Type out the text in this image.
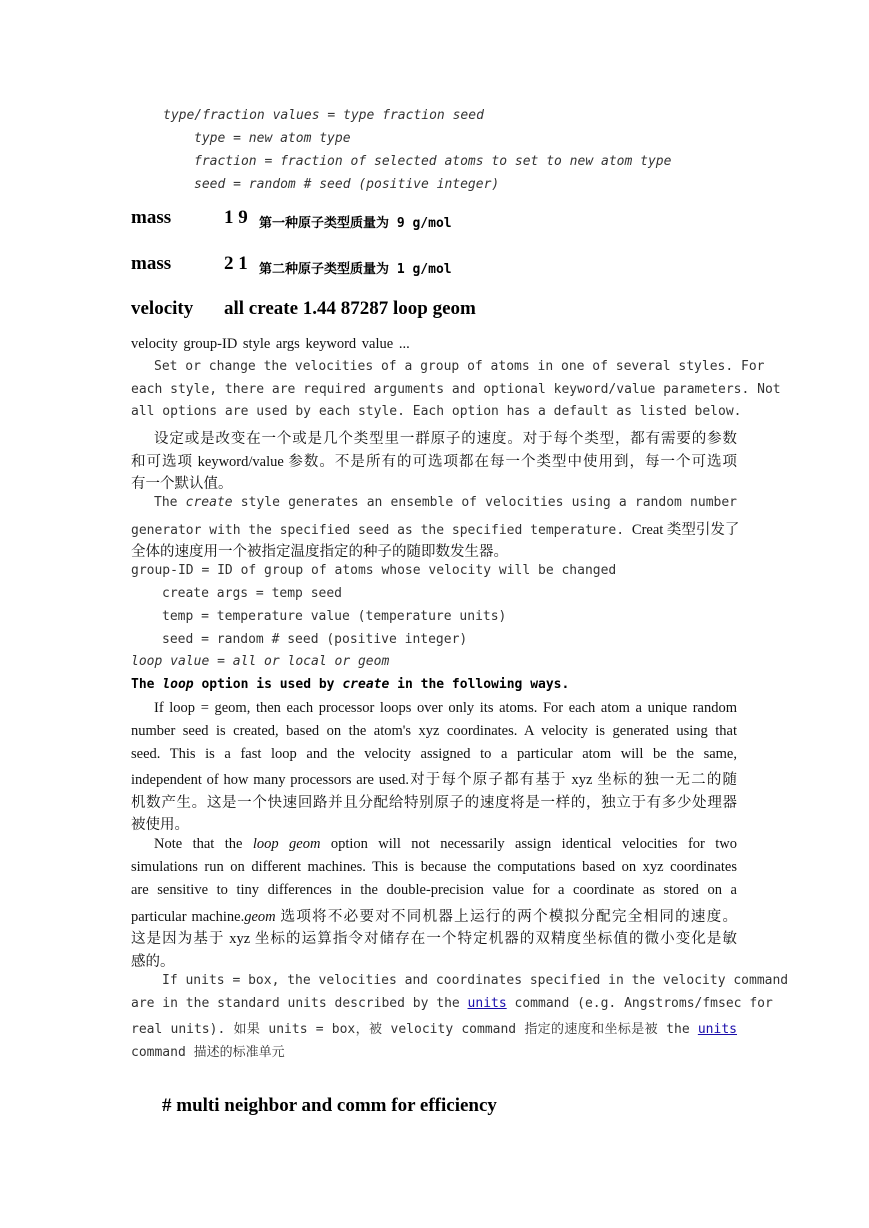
type/fraction values = type fraction seed
type = new atom type
fraction = fraction of selected atoms to set to new atom type
seed = random # seed (positive integer)
mass	1 9 第一种原子类型质量为 9 g/mol
mass	2 1 第二种原子类型质量为 1 g/mol
velocity all create 1.44 87287 loop geom
velocity group-ID style args keyword value ...
Set or change the velocities of a group of atoms in one of several styles. For
each style, there are required arguments and optional keyword/value parameters. Not
all options are used by each style. Each option has a default as listed below.
设定或是改变在一个或是几个类型里一群原子的速度。对于每个类型，都有需要的参数
和可选项 keyword/value 参数。不是所有的可选项都在每一个类型中使用到，每一个可选项
有一个默认值。
The create style generates an ensemble of velocities using a random number
generator with the specified seed as the specified temperature. Creat 类型引发了
全体的速度用一个被指定温度指定的种子的随即数发生器。
group-ID = ID of group of atoms whose velocity will be changed
create args = temp seed
temp = temperature value (temperature units)
seed = random # seed (positive integer)
loop value = all or local or geom
The loop option is used by create in the following ways.
If loop = geom, then each processor loops over only its atoms. For each atom a unique random
number seed is created, based on the atom's xyz coordinates. A velocity is generated using that
seed. This is a fast loop and the velocity assigned to a particular atom will be the same,
independent of how many processors are used.对于每个原子都有基于 xyz 坐标的独一无二的随
机数产生。这是一个快速回路并且分配给特别原子的速度将是一样的，独立于有多少处理器
被使用。
Note that the loop geom option will not necessarily assign identical velocities for two
simulations run on different machines. This is because the computations based on xyz coordinates
are sensitive to tiny differences in the double-precision value for a coordinate as stored on a
particular machine.geom 选项将不必要对不同机器上运行的两个模拟分配完全相同的速度。
这是因为基于 xyz 坐标的运算指令对储存在一个特定机器的双精度坐标值的微小变化是敏
感的。
If units = box, the velocities and coordinates specified in the velocity command
are in the standard units described by the units command (e.g. Angstroms/fmsec for
real units). 如果 units = box，被 velocity command 指定的速度和坐标是被 the units
command 描述的标准单元
# multi neighbor and comm for efficiency
